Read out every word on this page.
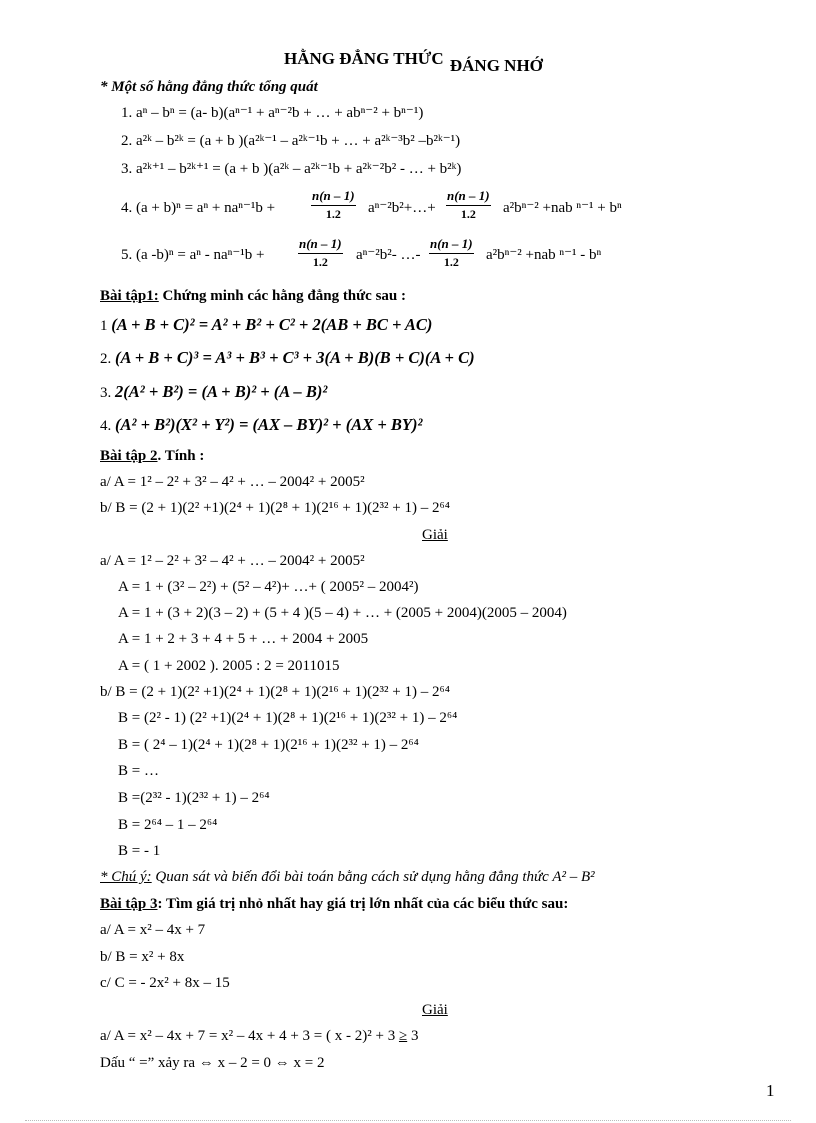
HẰNG ĐẲNG THỨC ĐÁNG NHỚ
* Một số hằng đẳng thức tổng quát
1. aⁿ – bⁿ = (a- b)(aⁿ⁻¹ + aⁿ⁻²b + … + abⁿ⁻² + bⁿ⁻¹)
2. a²ᵏ – b²ᵏ = (a + b )(a²ᵏ⁻¹ – a²ᵏ⁻¹b + … + a²ᵏ⁻³b² –b²ᵏ⁻¹)
3. a²ᵏ⁺¹ – b²ᵏ⁺¹ = (a + b )(a²ᵏ – a²ᵏ⁻¹b + a²ᵏ⁻²b² - … + b²ᵏ)
4. (a + b)ⁿ = aⁿ + naⁿ⁻¹b +
n(n – 1)
1.2	aⁿ⁻²b²+…+
n(n – 1)
1.2	a²bⁿ⁻² +nab ⁿ⁻¹ + bⁿ
5. (a -b)ⁿ = aⁿ - naⁿ⁻¹b +
n(n – 1)
1.2	aⁿ⁻²b²- …-
n(n – 1)
1.2	a²bⁿ⁻² +nab ⁿ⁻¹ - bⁿ
Bài tập1: Chứng minh các hằng đẳng thức sau :
1 (A + B + C)² = A² + B² + C² + 2(AB + BC + AC)
2. (A + B + C)³ = A³ + B³ + C³ + 3(A + B)(B + C)(A + C)
3. 2(A² + B²) = (A + B)² + (A – B)²
4. (A² + B²)(X² + Y²) = (AX – BY)² + (AX + BY)²
Bài tập 2. Tính :
a/ A = 1² – 2² + 3² – 4² + … – 2004² + 2005²
b/ B = (2 + 1)(2² +1)(2⁴ + 1)(2⁸ + 1)(2¹⁶ + 1)(2³² + 1) – 2⁶⁴
Giải
a/ A = 1² – 2² + 3² – 4² + … – 2004² + 2005²
A = 1 + (3² – 2²) + (5² – 4²)+ …+ ( 2005² – 2004²)
A = 1 + (3 + 2)(3 – 2) + (5 + 4 )(5 – 4) + … + (2005 + 2004)(2005 – 2004)
A = 1 + 2 + 3 + 4 + 5 + … + 2004 + 2005
A = ( 1 + 2002 ). 2005 : 2 = 2011015
b/ B = (2 + 1)(2² +1)(2⁴ + 1)(2⁸ + 1)(2¹⁶ + 1)(2³² + 1) – 2⁶⁴
B = (2² - 1) (2² +1)(2⁴ + 1)(2⁸ + 1)(2¹⁶ + 1)(2³² + 1) – 2⁶⁴
B = ( 2⁴ – 1)(2⁴ + 1)(2⁸ + 1)(2¹⁶ + 1)(2³² + 1) – 2⁶⁴
B = …
B =(2³² - 1)(2³² + 1) – 2⁶⁴
B = 2⁶⁴ – 1 – 2⁶⁴
B = - 1
* Chú ý: Quan sát và biến đổi bài toán bằng cách sử dụng hằng đẳng thức A² – B²
Bài tập 3: Tìm giá trị nhỏ nhất hay giá trị lớn nhất của các biểu thức sau:
a/ A = x² – 4x + 7
b/ B = x² + 8x
c/ C = - 2x² + 8x – 15
Giải
a/ A = x² – 4x + 7 = x² – 4x + 4 + 3 = ( x - 2)² + 3 ≥ 3
Dấu “ =” xảy ra ⇔ x – 2 = 0 ⇔ x = 2
1
